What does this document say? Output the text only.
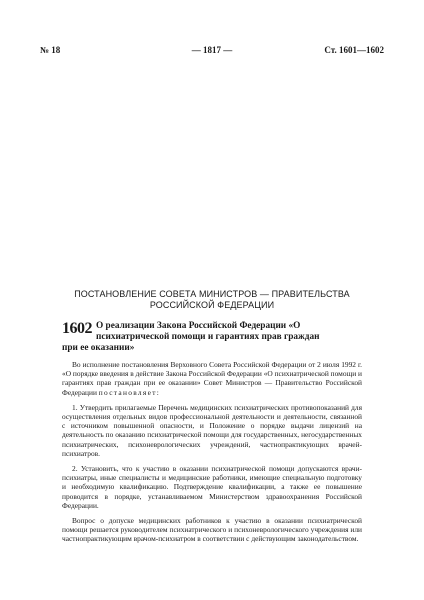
№ 18	— 1817 —	Ст. 1601—1602
ПОСТАНОВЛЕНИЕ СОВЕТА МИНИСТРОВ — ПРАВИТЕЛЬСТВА
РОССИЙСКОЙ ФЕДЕРАЦИИ
1602 О реализации Закона Российской Федерации «О
психиатрической помощи и гарантиях прав граждан
при ее оказании»

Во исполнение постановления Верховного Совета Российской Федерации от 2 июля 1992 г. «О порядке введения в действие Закона Российской Федерации «О психиатрической помощи и гарантиях прав граждан при ее оказании» Совет Министров — Правительство Российской Федерации постановляет:

1. Утвердить прилагаемые Перечень медицинских психиатрических противопоказаний для осуществления отдельных видов профессиональной деятельности и деятельности, связанной с источником повышенной опасности, и Положение о порядке выдачи лицензий на деятельность по оказанию психиатрической помощи для государственных, негосударственных психиатрических, психоневрологических учреждений, частнопрактикующих врачей-психиатров.

2. Установить, что к участию в оказании психиатрической помощи допускаются врачи-психиатры, иные специалисты и медицинские работники, имеющие специальную подготовку и необходимую квалификацию. Подтверждение квалификации, а также ее повышение проводится в порядке, устанавливаемом Министерством здравоохранения Российской Федерации.

Вопрос о допуске медицинских работников к участию в оказании психиатрической помощи решается руководителем психиатрического и психоневрологического учреждения или частнопрактикующим врачом-психиатром в соответствии с действующим законодательством.
